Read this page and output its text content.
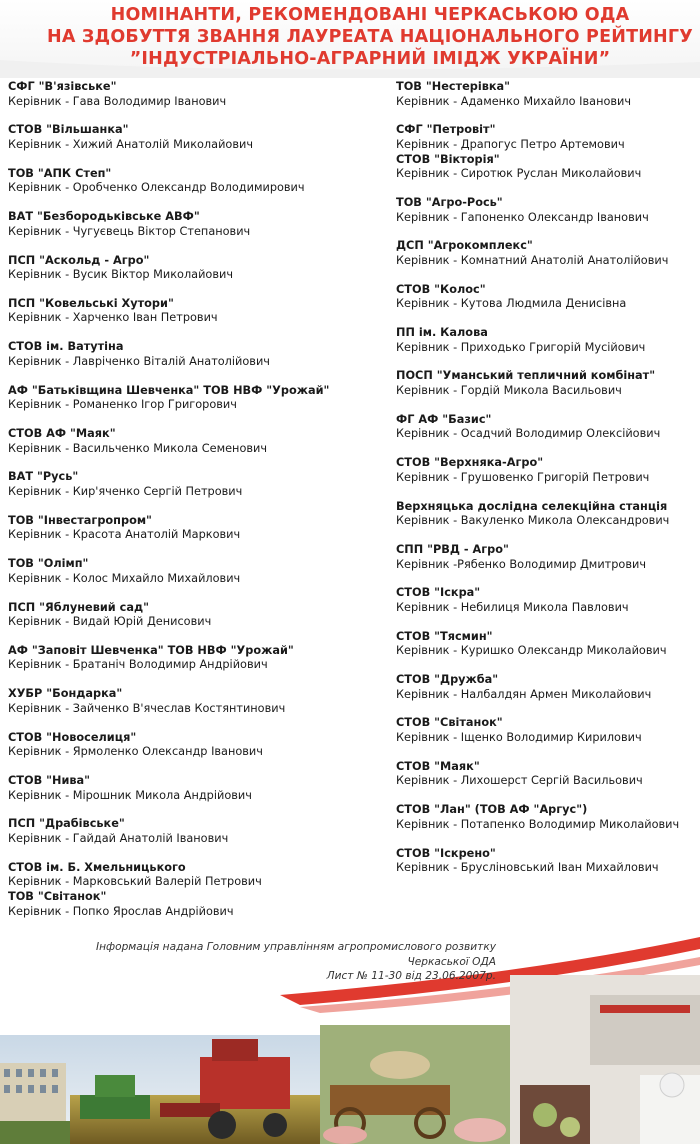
НОМІНАНТИ, РЕКОМЕНДОВАНІ ЧЕРКАСЬКОЮ ОДА
НА ЗДОБУТТЯ ЗВАННЯ ЛАУРЕАТА НАЦІОНАЛЬНОГО РЕЙТИНГУ
”ІНДУСТРІАЛЬНО-АГРАРНИЙ ІМІДЖ УКРАЇНИ”
СФГ "В'язівське"
Керівник - Гава Володимир Іванович
СТОВ "Вільшанка"
Керівник - Хижий Анатолій Миколайович
ТОВ "АПК Степ"
Керівник - Оробченко Олександр Володимирович
ВАТ "Безбородьківське АВФ"
Керівник - Чугуєвець Віктор Степанович
ПСП "Аскольд - Агро"
Керівник - Вусик Віктор Миколайович
ПСП "Ковельські Хутори"
Керівник - Харченко Іван Петрович
СТОВ ім. Ватутіна
Керівник - Лавріченко Віталій Анатолійович
АФ "Батьківщина Шевченка" ТОВ НВФ "Урожай"
Керівник - Романенко Ігор Григорович
СТОВ АФ "Маяк"
Керівник - Васильченко Микола Семенович
ВАТ "Русь"
Керівник - Кир'яченко Сергій Петрович
ТОВ "Інвестагропром"
Керівник - Красота Анатолій Маркович
ТОВ "Олімп"
Керівник - Колос Михайло Михайлович
ПСП "Яблуневий сад"
Керівник - Видай Юрій Денисович
АФ "Заповіт Шевченка" ТОВ НВФ "Урожай"
Керівник - Братаніч Володимир Андрійович
ХУБР "Бондарка"
Керівник - Зайченко В'ячеслав Костянтинович
СТОВ "Новоселиця"
Керівник - Ярмоленко Олександр Іванович
СТОВ "Нива"
Керівник - Мірошник Микола Андрійович
ПСП "Драбівське"
Керівник - Гайдай Анатолій Іванович
СТОВ ім. Б. Хмельницького
Керівник - Марковський Валерій Петрович
ТОВ "Світанок"
Керівник - Попко Ярослав Андрійович
ТОВ "Нестерівка"
Керівник - Адаменко Михайло Іванович
СФГ "Петровіт"
Керівник - Драпогус Петро Артемович
СТОВ "Вікторія"
Керівник - Сиротюк Руслан Миколайович
ТОВ "Агро-Рось"
Керівник - Гапоненко Олександр Іванович
ДСП "Агрокомплекс"
Керівник - Комнатний Анатолій Анатолійович
СТОВ "Колос"
Керівник - Кутова Людмила Денисівна
ПП ім. Калова
Керівник - Приходько Григорій Мусійович
ПОСП "Уманський тепличний комбінат"
Керівник - Гордій Микола Васильович
ФГ АФ "Базис"
Керівник - Осадчий Володимир Олексійович
СТОВ "Верхняка-Агро"
Керівник - Грушовенко Григорій Петрович
Верхняцька дослідна селекційна станція
Керівник - Вакуленко Микола Олександрович
СПП "РВД - Агро"
Керівник -Рябенко Володимир Дмитрович
СТОВ "Іскра"
Керівник - Небилиця Микола Павлович
СТОВ "Тясмин"
Керівник - Куришко Олександр Миколайович
СТОВ "Дружба"
Керівник - Налбалдян Армен Миколайович
СТОВ "Світанок"
Керівник - Іщенко Володимир Кирилович
СТОВ "Маяк"
Керівник - Лихошерст Сергій Васильович
СТОВ "Лан" (ТОВ АФ "Аргус")
Керівник - Потапенко Володимир Миколайович
СТОВ "Іскрено"
Керівник - Брусліновський Іван Михайлович
Інформація надана Головним управлінням агропромислового розвитку
Черкаської ОДА
Лист № 11-30 від 23.06.2007р.
